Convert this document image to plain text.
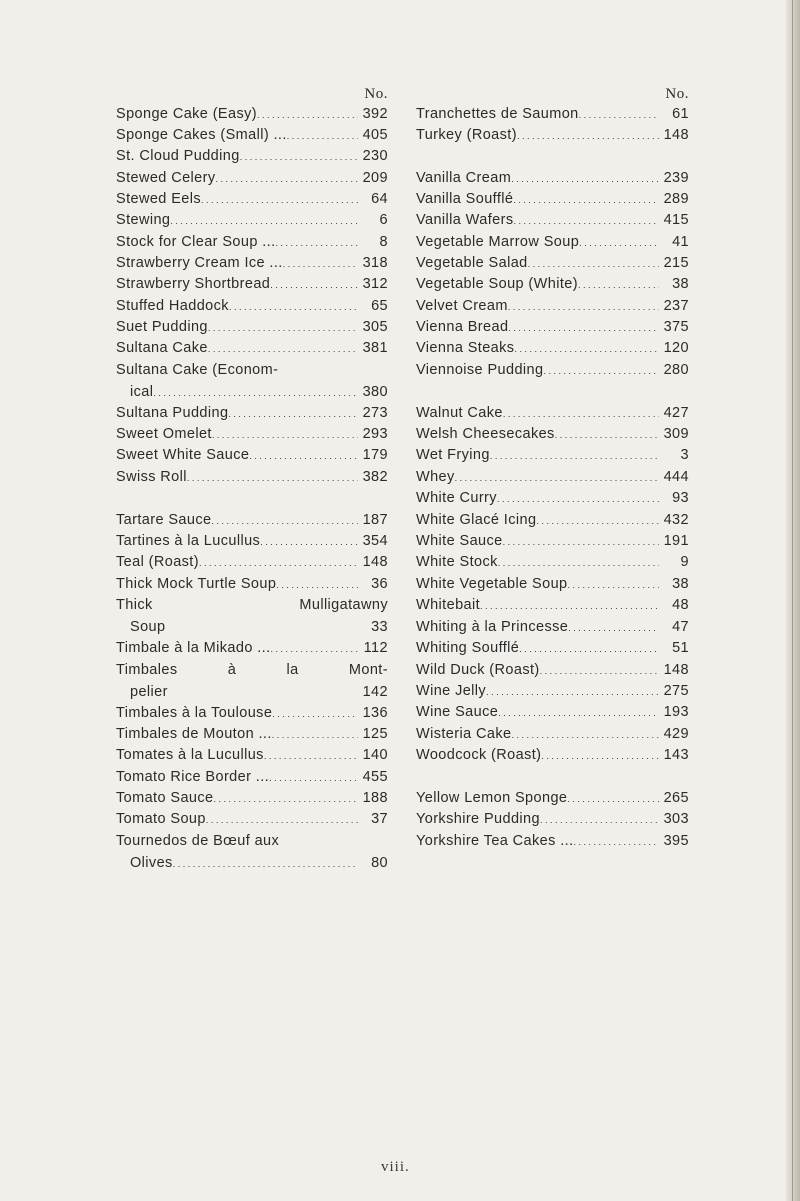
No.
Sponge Cake (Easy) . . .	392
Sponge Cakes (Small) ... . . .	405
St. Cloud Pudding . . .	230
Stewed Celery . . .	209
Stewed Eels . . .	64
Stewing . . .	6
Stock for Clear Soup ... . . .	8
Strawberry Cream Ice ... . . .	318
Strawberry Shortbread . . .	312
Stuffed Haddock . . .	65
Suet Pudding . . .	305
Sultana Cake . . .	381
Sultana Cake (Econom-
ical . . .	380
Sultana Pudding . . .	273
Sweet Omelet . . .	293
Sweet White Sauce . . .	179
Swiss Roll . . .	382
Tartare Sauce . . .	187
Tartines à la Lucullus . . .	354
Teal (Roast) . . .	148
Thick Mock Turtle Soup . . .	36
Thick	Mulligatawny
Soup	33
Timbale à la Mikado ... . . .	112
Timbales	à	la	Mont-
pelier	142
Timbales à la Toulouse . . .	136
Timbales de Mouton ... . . .	125
Tomates à la Lucullus . . .	140
Tomato Rice Border ... . . .	455
Tomato Sauce . . .	188
Tomato Soup . . .	37
Tournedos de Bœuf aux
Olives . . .	80
No.
Tranchettes de Saumon . . .	61
Turkey (Roast) . . .	148
Vanilla Cream . . .	239
Vanilla Soufflé . . .	289
Vanilla Wafers . . .	415
Vegetable Marrow Soup . . .	41
Vegetable Salad . . .	215
Vegetable Soup (White) . . .	38
Velvet Cream . . .	237
Vienna Bread . . .	375
Vienna Steaks . . .	120
Viennoise Pudding . . .	280
Walnut Cake . . .	427
Welsh Cheesecakes . . .	309
Wet Frying . . .	3
Whey . . .	444
White Curry . . .	93
White Glacé Icing . . .	432
White Sauce . . .	191
White Stock . . .	9
White Vegetable Soup . . .	38
Whitebait . . .	48
Whiting à la Princesse . . .	47
Whiting Soufflé . . .	51
Wild Duck (Roast) . . .	148
Wine Jelly . . .	275
Wine Sauce . . .	193
Wisteria Cake . . .	429
Woodcock (Roast) . . .	143
Yellow Lemon Sponge . . .	265
Yorkshire Pudding . . .	303
Yorkshire Tea Cakes ... . . .	395
viii.
